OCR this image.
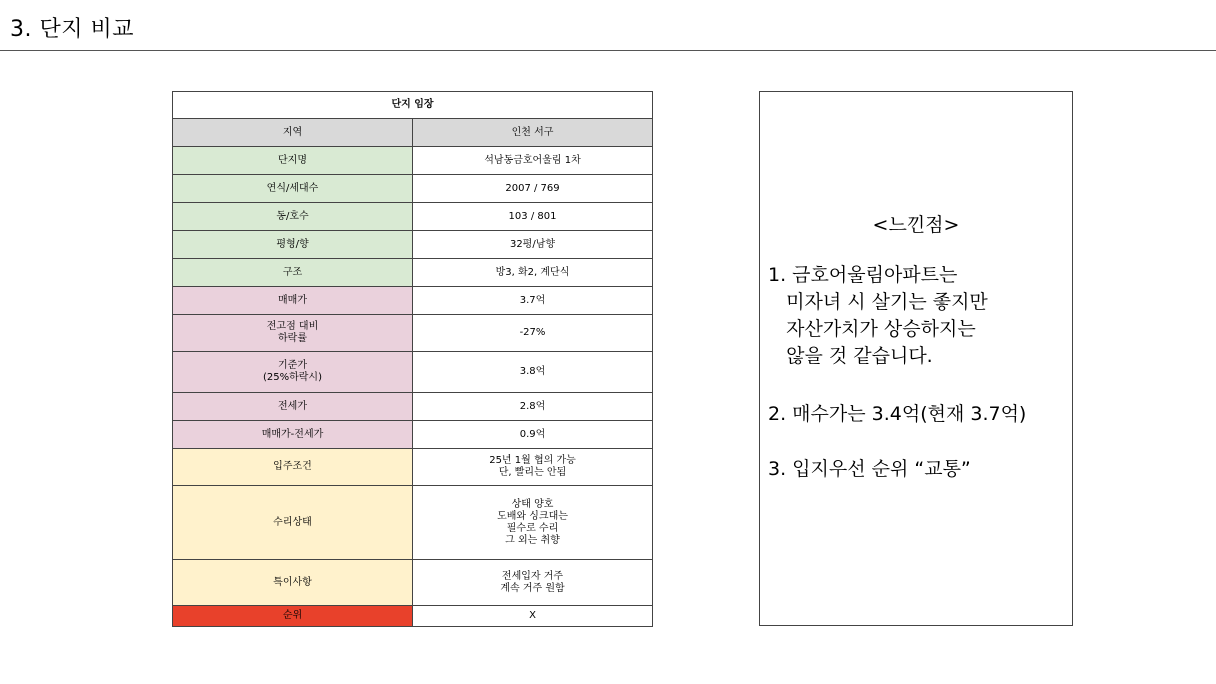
3. 단지 비교
단지 임장	
지역	인천 서구
단지명	석남동금호어울림 1차
연식/세대수	2007 / 769
동/호수	103 / 801
평형/향	32평/남향
구조	방3, 화2, 계단식
매매가	3.7억
전고점 대비
하락률	-27%
기준가
(25%하락시)	3.8억
전세가	2.8억
매매가-전세가	0.9억
입주조건	25년 1월 협의 가능
단, 빨리는 안됨
수리상태	상태 양호
도배와 싱크대는
필수로 수리
그 외는 취향
특이사항	전세입자 거주
계속 거주 원함
순위	X
<느낀점>
1. 금호어울림아파트는
미자녀 시 살기는 좋지만
자산가치가 상승하지는
않을 것 같습니다.
2. 매수가는 3.4억(현재 3.7억)
3. 입지우선 순위 “교통”
